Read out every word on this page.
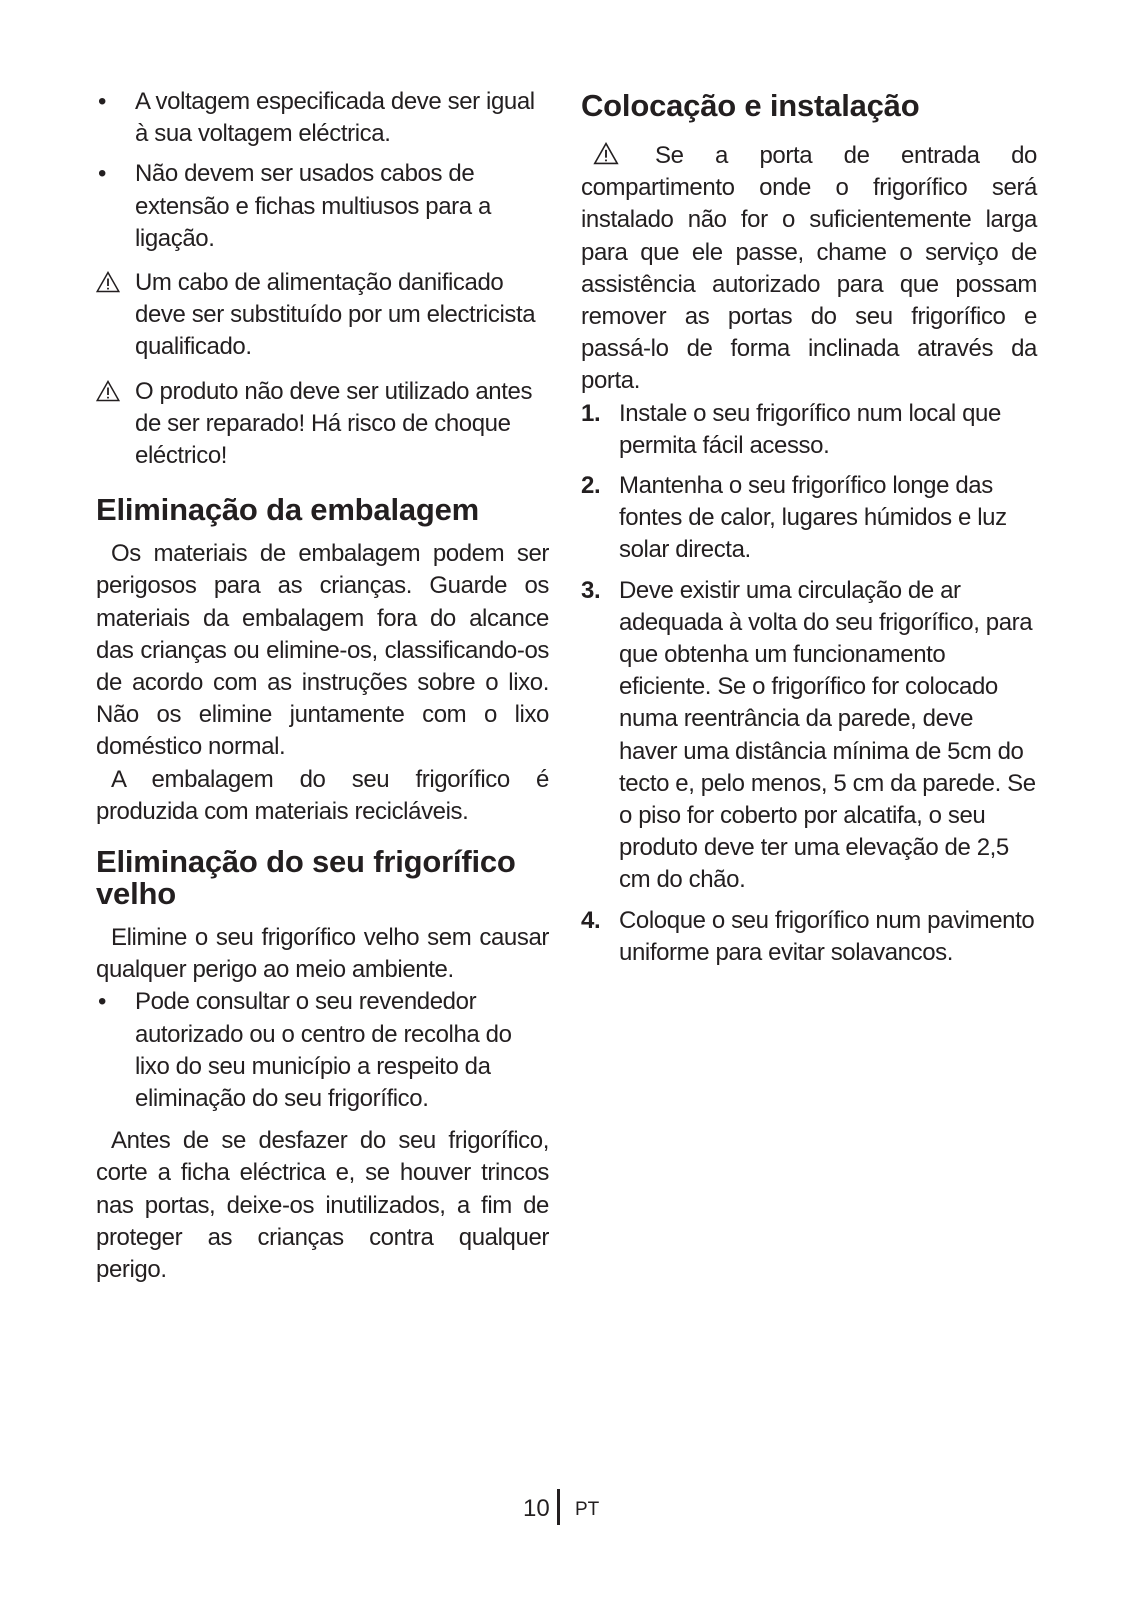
• A voltagem especificada deve ser igual à sua voltagem eléctrica.

• Não devem ser usados cabos de extensão e fichas multiusos para a ligação.

Um cabo de alimentação danificado deve ser substituído por um electricista qualificado.
O produto não deve ser utilizado antes de ser reparado! Há risco de choque eléctrico!
Eliminação da embalagem

Os materiais de embalagem podem ser perigosos para as crianças. Guarde os materiais da embalagem fora do alcance das crianças ou elimine-os, classificando-os de acordo com as instruções sobre o lixo. Não os elimine juntamente com o lixo doméstico normal.

A embalagem do seu frigorífico é produzida com materiais recicláveis.

Eliminação do seu frigorífico velho

Elimine o seu frigorífico velho sem causar qualquer perigo ao meio ambiente.

• Pode consultar o seu revendedor autorizado ou o centro de recolha do lixo do seu município a respeito da eliminação do seu frigorífico.

Antes de se desfazer do seu frigorífico, corte a ficha eléctrica e, se houver trincos nas portas, deixe-os inutilizados, a fim de proteger as crianças contra qualquer perigo.

Colocação e instalação

Se a porta de entrada do compartimento onde o frigorífico será instalado não for o suficientemente larga para que ele passe, chame o serviço de assistência autorizado para que possam remover as portas do seu frigorífico e passá-lo de forma inclinada através da porta.

1. Instale o seu frigorífico num local que permita fácil acesso.
2. Mantenha o seu frigorífico longe das fontes de calor, lugares húmidos e luz solar directa.
3. Deve existir uma circulação de ar adequada à volta do seu frigorífico, para que obtenha um funcionamento eficiente. Se o frigorífico for colocado numa reentrância da parede, deve haver uma distância mínima de 5cm do tecto e, pelo menos, 5 cm da parede. Se o piso for coberto por alcatifa, o seu produto deve ter uma elevação de 2,5 cm do chão.
4. Coloque o seu frigorífico num pavimento uniforme para evitar solavancos.
10 PT
